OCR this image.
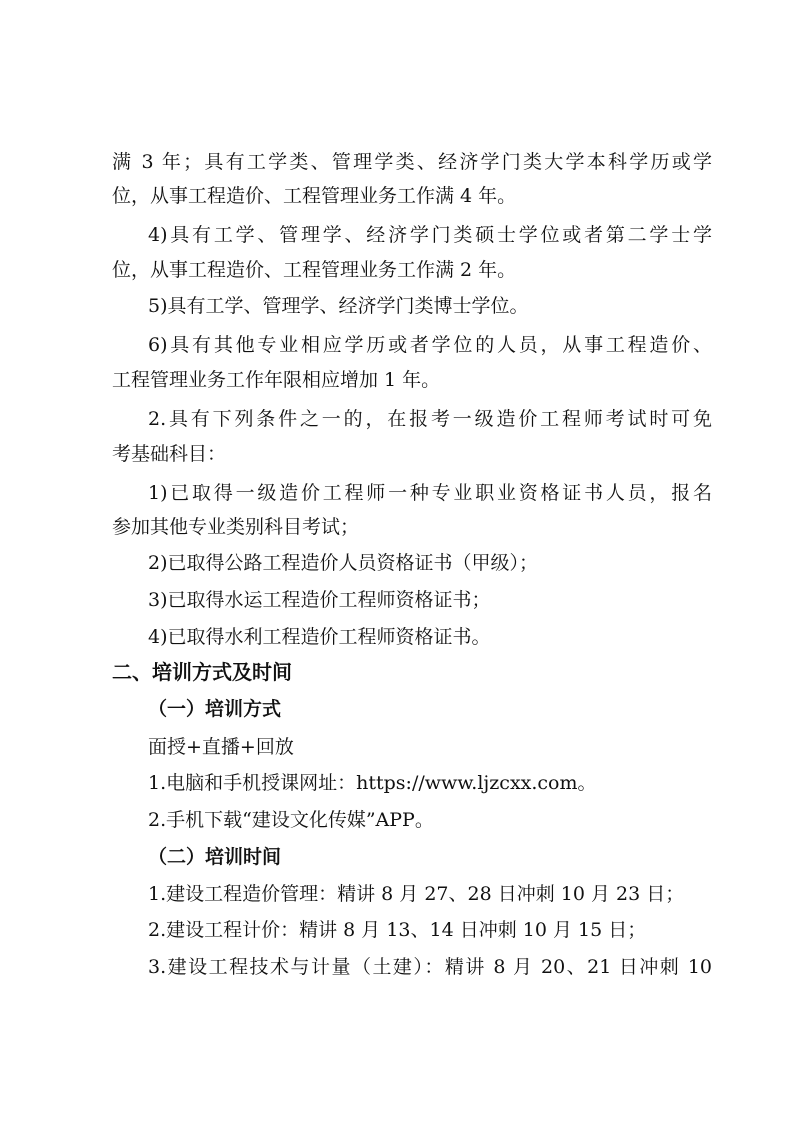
满 3 年；具有工学类、管理学类、经济学门类大学本科学历或学
位，从事工程造价、工程管理业务工作满 4 年。
4)具有工学、管理学、经济学门类硕士学位或者第二学士学
位，从事工程造价、工程管理业务工作满 2 年。
5)具有工学、管理学、经济学门类博士学位。
6)具有其他专业相应学历或者学位的人员，从事工程造价、
工程管理业务工作年限相应增加 1 年。
2.具有下列条件之一的，在报考一级造价工程师考试时可免
考基础科目：
1)已取得一级造价工程师一种专业职业资格证书人员，报名
参加其他专业类别科目考试；
2)已取得公路工程造价人员资格证书（甲级）；
3)已取得水运工程造价工程师资格证书；
4)已取得水利工程造价工程师资格证书。
二、培训方式及时间
（一）培训方式
面授+直播+回放
1.电脑和手机授课网址：https://www.ljzcxx.com。
2.手机下载“建设文化传媒”APP。
（二）培训时间
1.建设工程造价管理：精讲 8 月 27、28 日冲刺 10 月 23 日；
2.建设工程计价：精讲 8 月 13、14 日冲刺 10 月 15 日；
3.建设工程技术与计量（土建）：精讲 8 月 20、21 日冲刺 10
